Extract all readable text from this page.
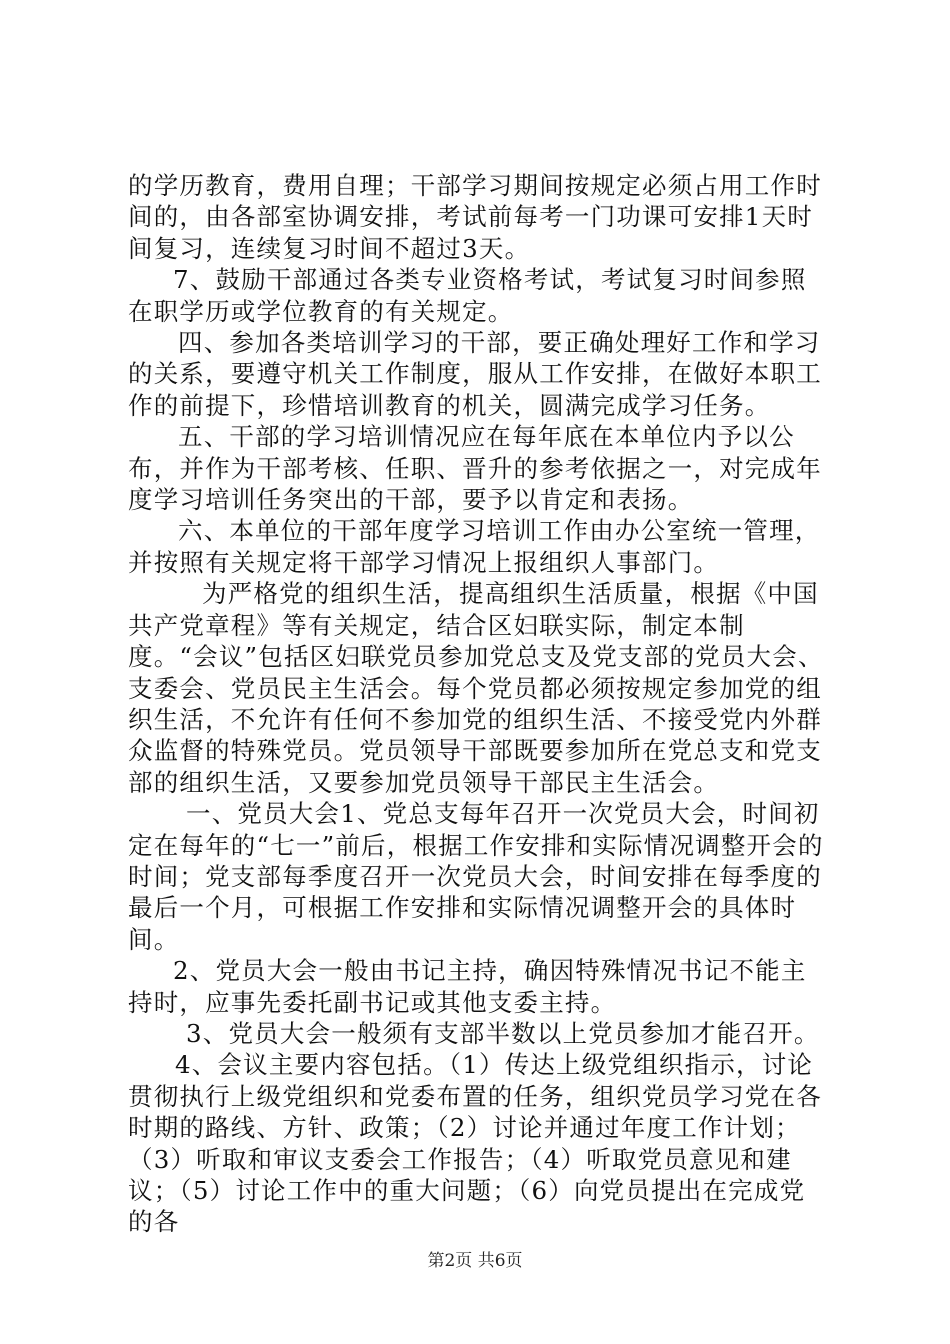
的学历教育，费用自理；干部学习期间按规定必须占用工作时间的，由各部室协调安排，考试前每考一门功课可安排1天时间复习，连续复习时间不超过3天。

7、鼓励干部通过各类专业资格考试，考试复习时间参照在职学历或学位教育的有关规定。

四、参加各类培训学习的干部，要正确处理好工作和学习的关系，要遵守机关工作制度，服从工作安排，在做好本职工作的前提下，珍惜培训教育的机关，圆满完成学习任务。

五、干部的学习培训情况应在每年底在本单位内予以公布，并作为干部考核、任职、晋升的参考依据之一，对完成年度学习培训任务突出的干部，要予以肯定和表扬。

六、本单位的干部年度学习培训工作由办公室统一管理，并按照有关规定将干部学习情况上报组织人事部门。

为严格党的组织生活，提高组织生活质量，根据《中国共产党章程》等有关规定，结合区妇联实际，制定本制度。“会议”包括区妇联党员参加党总支及党支部的党员大会、支委会、党员民主生活会。每个党员都必须按规定参加党的组织生活，不允许有任何不参加党的组织生活、不接受党内外群众监督的特殊党员。党员领导干部既要参加所在党总支和党支部的组织生活，又要参加党员领导干部民主生活会。

一、党员大会1、党总支每年召开一次党员大会，时间初定在每年的“七一”前后，根据工作安排和实际情况调整开会的时间；党支部每季度召开一次党员大会，时间安排在每季度的最后一个月，可根据工作安排和实际情况调整开会的具体时间。

2、党员大会一般由书记主持，确因特殊情况书记不能主持时，应事先委托副书记或其他支委主持。

3、党员大会一般须有支部半数以上党员参加才能召开。

4、会议主要内容包括。（1）传达上级党组织指示，讨论贯彻执行上级党组织和党委布置的任务，组织党员学习党在各时期的路线、方针、政策；（2）讨论并通过年度工作计划；（3）听取和审议支委会工作报告；（4）听取党员意见和建议；（5）讨论工作中的重大问题；（6）向党员提出在完成党的各

第2页 共6页
